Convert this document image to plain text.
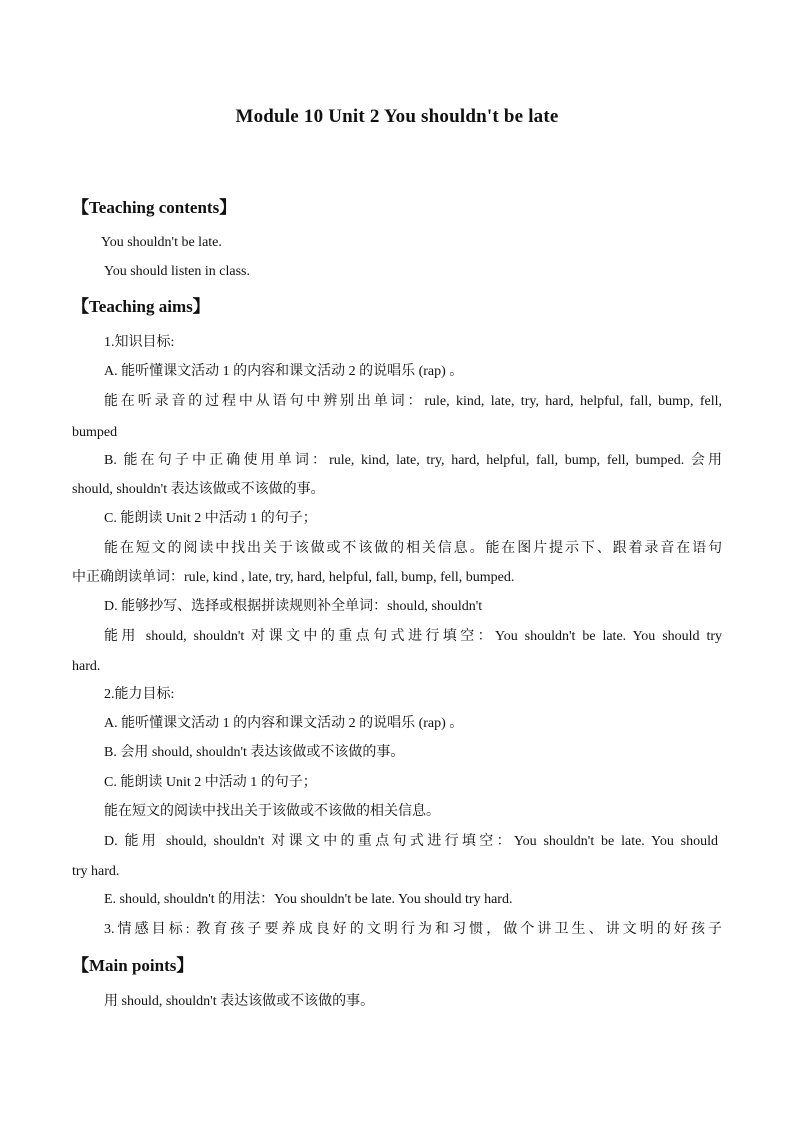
Module 10 Unit 2 You shouldn't be late
【Teaching contents】
You shouldn't be late.
You should listen in class.
【Teaching aims】
1.知识目标:
A. 能听懂课文活动 1 的内容和课文活动 2 的说唱乐 (rap) 。
能在听录音的过程中从语句中辨别出单词：rule, kind, late, try, hard, helpful, fall, bump, fell,
bumped
B. 能在句子中正确使用单词：rule, kind, late, try, hard, helpful, fall, bump, fell, bumped. 会用
should, shouldn't 表达该做或不该做的事。
C. 能朗读 Unit 2 中活动 1 的句子；
能在短文的阅读中找出关于该做或不该做的相关信息。能在图片提示下、跟着录音在语句
中正确朗读单词：rule, kind , late, try, hard, helpful, fall, bump, fell, bumped.
D. 能够抄写、选择或根据拼读规则补全单词：should, shouldn't
能用 should, shouldn't 对课文中的重点句式进行填空：You shouldn't be late. You should try
hard.
2.能力目标:
A. 能听懂课文活动 1 的内容和课文活动 2 的说唱乐 (rap) 。
B. 会用 should, shouldn't 表达该做或不该做的事。
C. 能朗读 Unit 2 中活动 1 的句子；
能在短文的阅读中找出关于该做或不该做的相关信息。
D. 能用 should, shouldn't 对课文中的重点句式进行填空：You shouldn't be late. You should
try hard.
E. should, shouldn't 的用法：You shouldn't be late. You should try hard.
3.情感目标: 教育孩子要养成良好的文明行为和习惯，做个讲卫生、讲文明的好孩子
【Main points】
用 should, shouldn't 表达该做或不该做的事。
